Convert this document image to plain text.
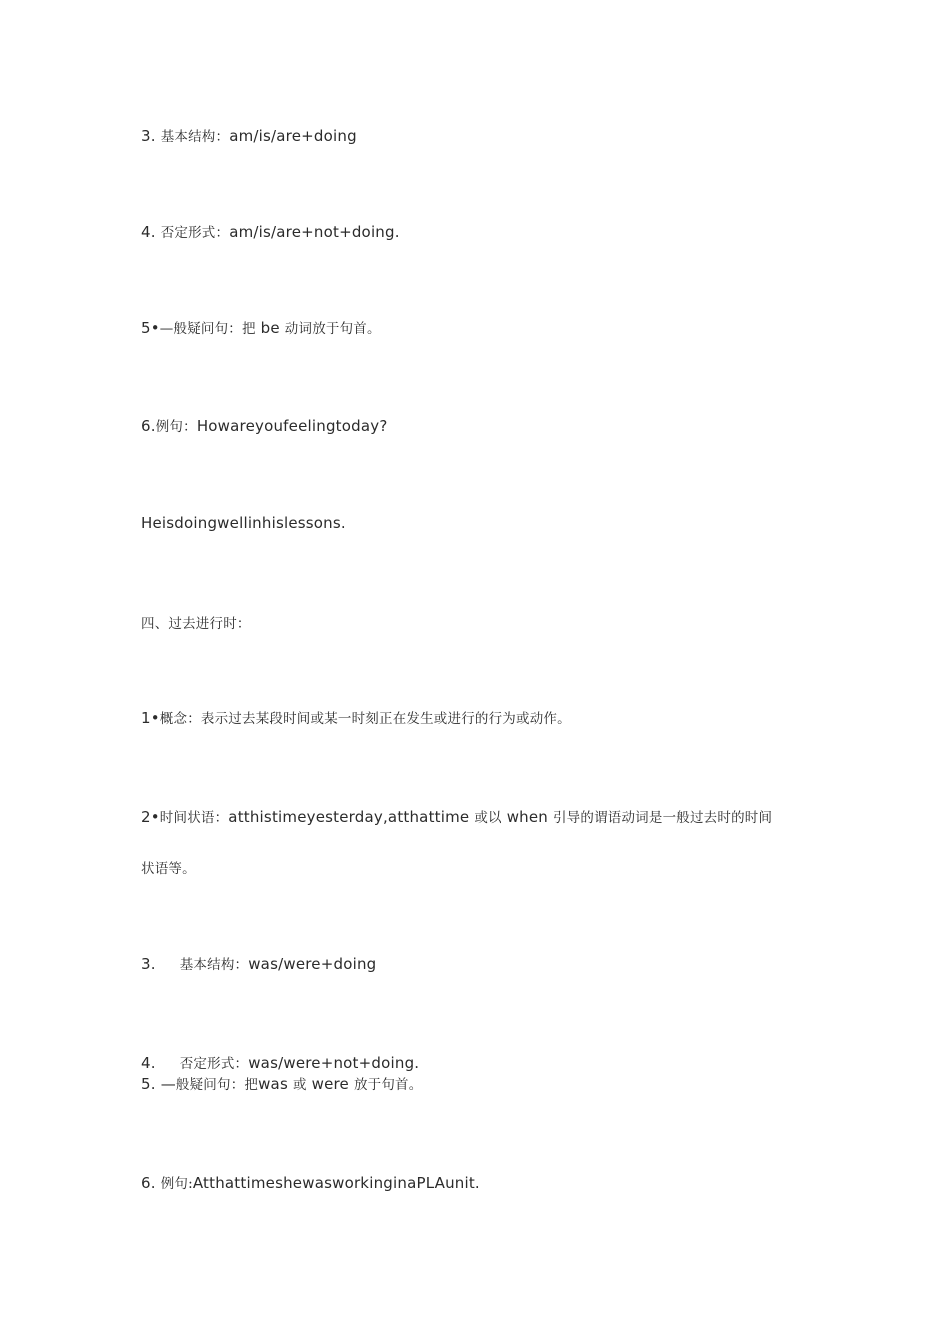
3. 基本结构：am/is/are+doing
4. 否定形式：am/is/are+not+doing.
5•—般疑问句：把 be 动词放于句首。
6.例句：Howareyoufeelingtoday?
Heisdoingwellinhislessons.
四、过去进行时：
1•概念：表示过去某段时间或某一时刻正在发生或进行的行为或动作。
2•时间状语：atthistimeyesterday,atthattime 或以 when 引导的谓语动词是一般过去时的时间
状语等。
3. 基本结构：was/were+doing
4. 否定形式：was/were+not+doing.
5. —般疑问句：把was 或 were 放于句首。
6. 例句:AtthattimeshewasworkinginaPLAunit.
